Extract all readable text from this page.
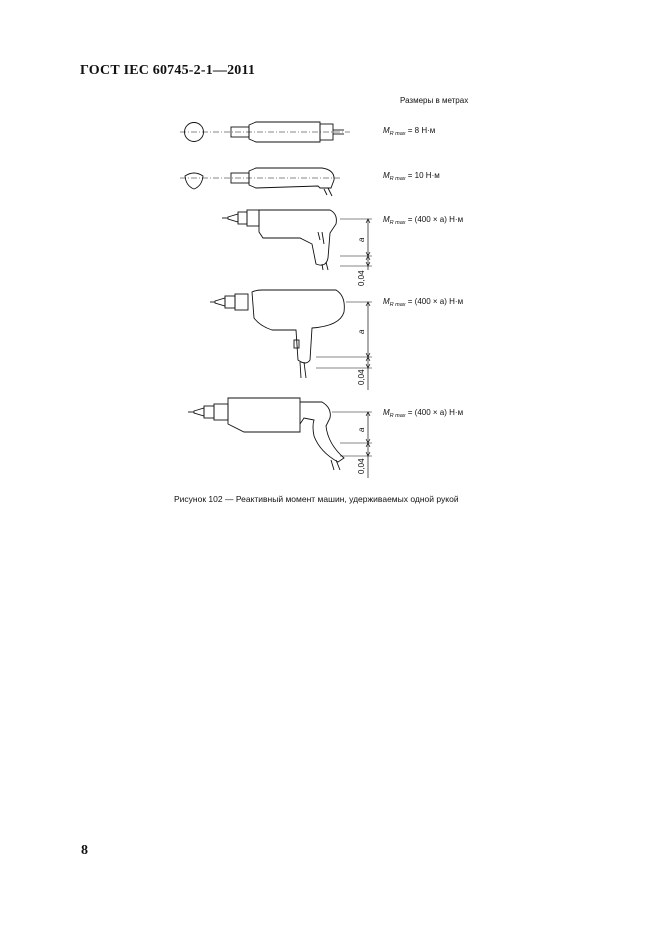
ГОСТ IEC 60745-2-1—2011
Размеры в метрах
$M_{R max} = 8$ Н·м
$M_{R max} = 10$ Н·м
$M_{R max} = (400 \times a)$ Н·м
$M_{R max} = (400 \times a)$ Н·м
$M_{R max} = (400 \times a)$ Н·м
a
0,04
a
0,04
a
0,04
Рисунок 102 — Реактивный момент машин, удерживаемых одной рукой
8
